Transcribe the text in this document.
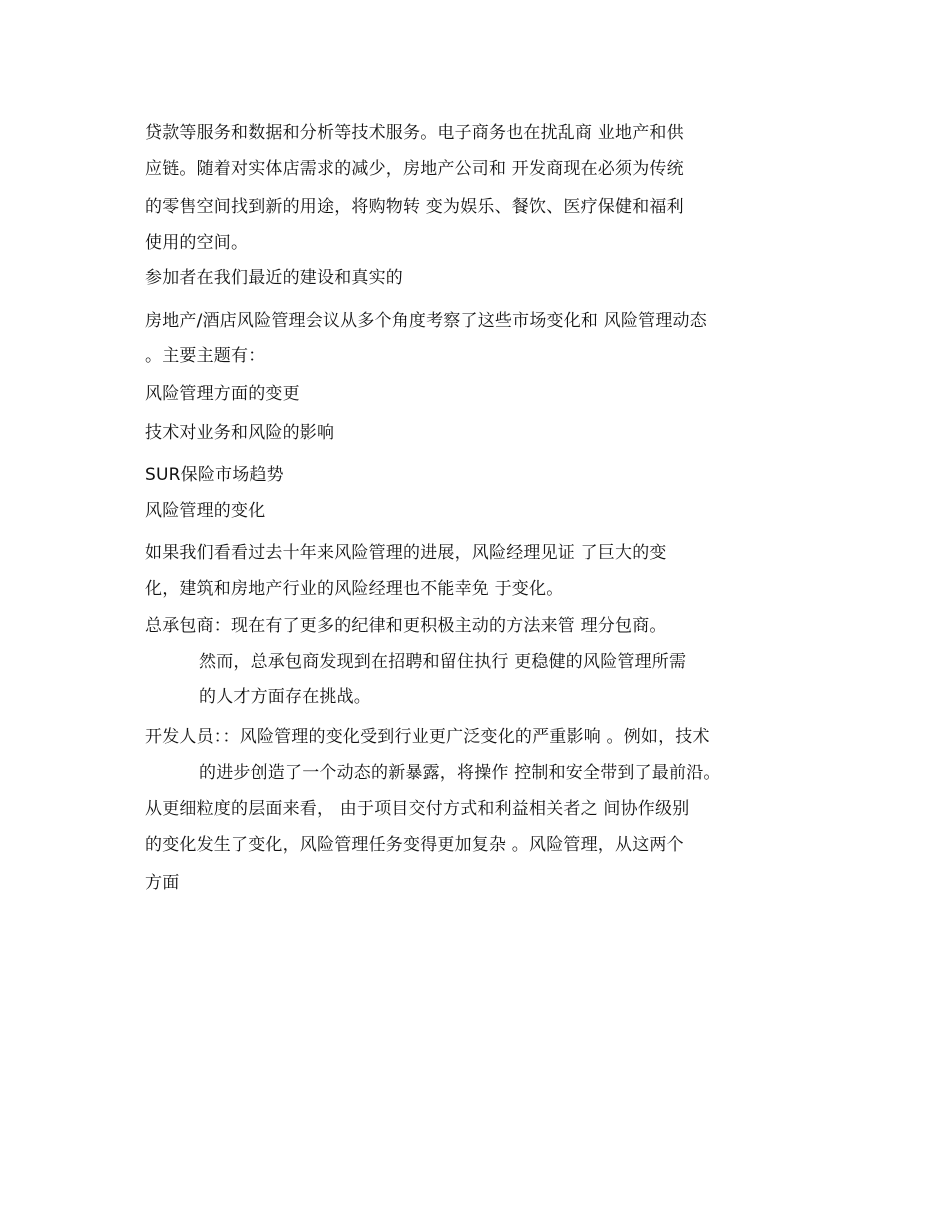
贷款等服务和数据和分析等技术服务。电子商务也在扰乱商 业地产和供
应链。随着对实体店需求的减少，房地产公司和 开发商现在必须为传统
的零售空间找到新的用途，将购物转 变为娱乐、餐饮、医疗保健和福利
使用的空间。
参加者在我们最近的建设和真实的
房地产/酒店风险管理会议从多个角度考察了这些市场变化和 风险管理动态
。主要主题有：
风险管理方面的变更
技术对业务和风险的影响
SUR保险市场趋势
风险管理的变化
如果我们看看过去十年来风险管理的进展，风险经理见证 了巨大的变
化，建筑和房地产行业的风险经理也不能幸免 于变化。
总承包商：现在有了更多的纪律和更积极主动的方法来管 理分包商。
然而，总承包商发现到在招聘和留住执行 更稳健的风险管理所需
的人才方面存在挑战。
开发人员：：风险管理的变化受到行业更广泛变化的严重影响 。例如，技术
的进步创造了一个动态的新暴露，将操作 控制和安全带到了最前沿。
从更细粒度的层面来看， 由于项目交付方式和利益相关者之 间协作级别
的变化发生了变化，风险管理任务变得更加复杂 。风险管理，从这两个
方面
